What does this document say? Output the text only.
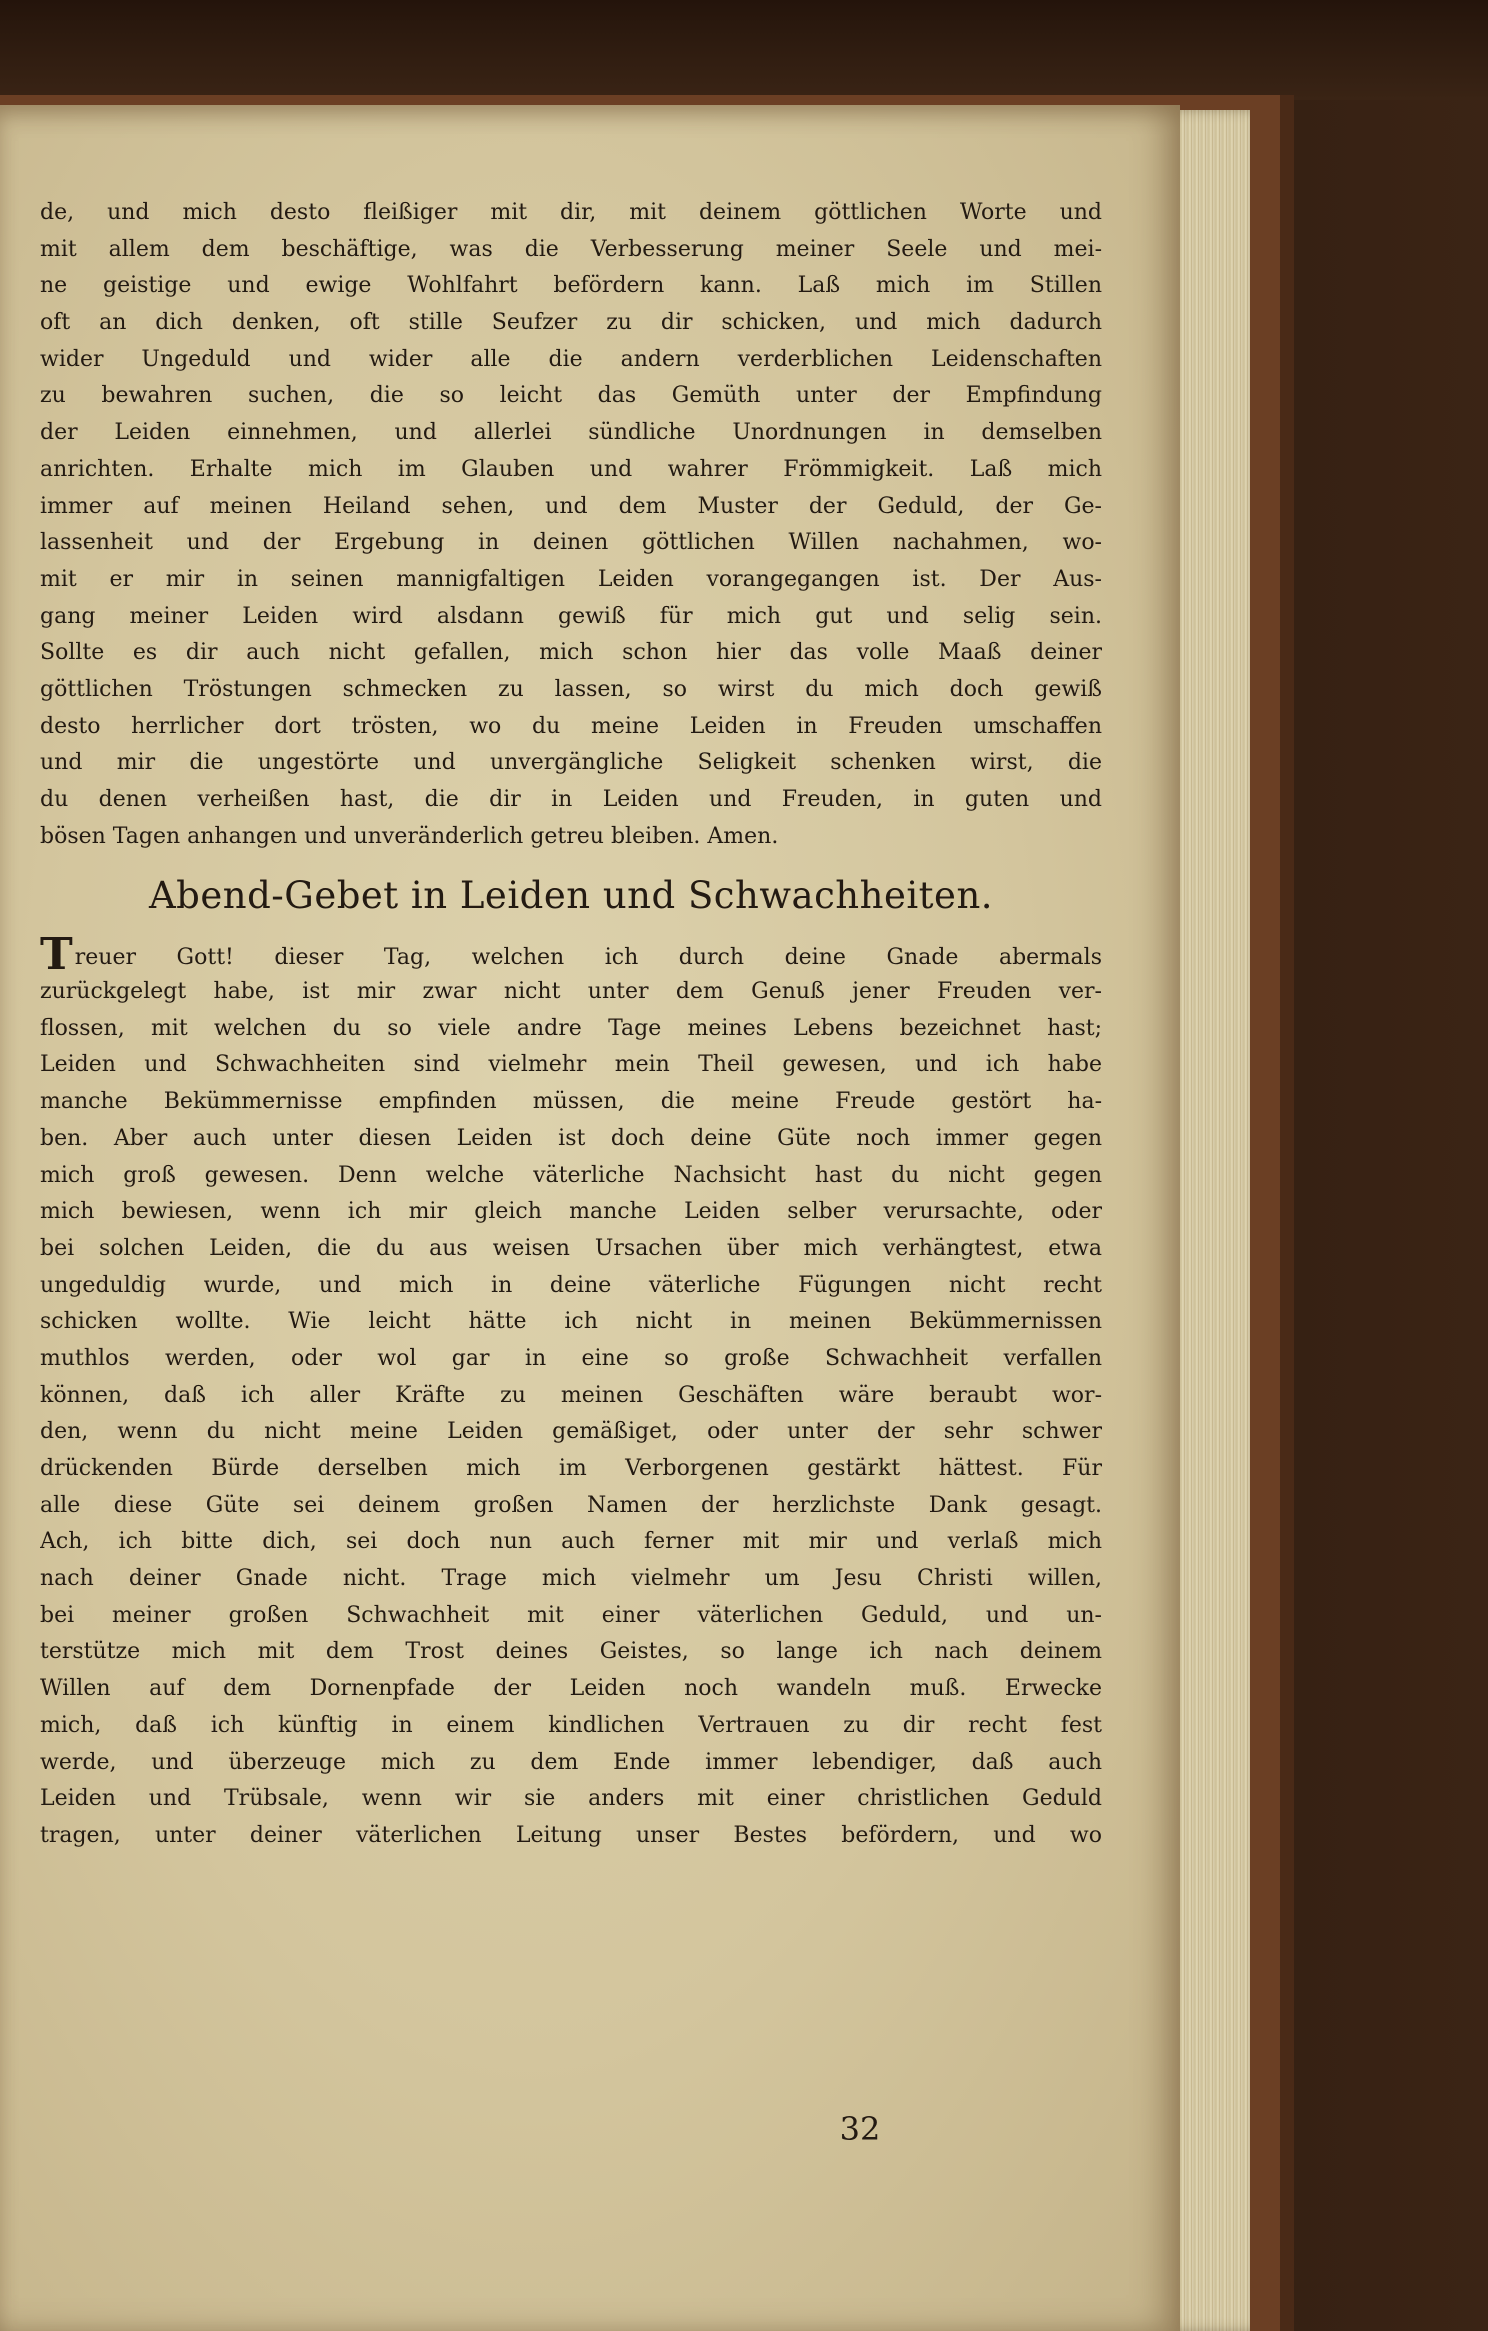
de, und mich desto fleißiger mit dir, mit deinem göttlichen Worte und
mit allem dem beschäftige, was die Verbesserung meiner Seele und mei-
ne geistige und ewige Wohlfahrt befördern kann. Laß mich im Stillen
oft an dich denken, oft stille Seufzer zu dir schicken, und mich dadurch
wider Ungeduld und wider alle die andern verderblichen Leidenschaften
zu bewahren suchen, die so leicht das Gemüth unter der Empfindung
der Leiden einnehmen, und allerlei sündliche Unordnungen in demselben
anrichten. Erhalte mich im Glauben und wahrer Frömmigkeit. Laß mich
immer auf meinen Heiland sehen, und dem Muster der Geduld, der Ge-
lassenheit und der Ergebung in deinen göttlichen Willen nachahmen, wo-
mit er mir in seinen mannigfaltigen Leiden vorangegangen ist. Der Aus-
gang meiner Leiden wird alsdann gewiß für mich gut und selig sein.
Sollte es dir auch nicht gefallen, mich schon hier das volle Maaß deiner
göttlichen Tröstungen schmecken zu lassen, so wirst du mich doch gewiß
desto herrlicher dort trösten, wo du meine Leiden in Freuden umschaffen
und mir die ungestörte und unvergängliche Seligkeit schenken wirst, die
du denen verheißen hast, die dir in Leiden und Freuden, in guten und
bösen Tagen anhangen und unveränderlich getreu bleiben. Amen.
Abend-Gebet in Leiden und Schwachheiten.
Treuer Gott! dieser Tag, welchen ich durch deine Gnade abermals
zurückgelegt habe, ist mir zwar nicht unter dem Genuß jener Freuden ver-
flossen, mit welchen du so viele andre Tage meines Lebens bezeichnet hast;
Leiden und Schwachheiten sind vielmehr mein Theil gewesen, und ich habe
manche Bekümmernisse empfinden müssen, die meine Freude gestört ha-
ben. Aber auch unter diesen Leiden ist doch deine Güte noch immer gegen
mich groß gewesen. Denn welche väterliche Nachsicht hast du nicht gegen
mich bewiesen, wenn ich mir gleich manche Leiden selber verursachte, oder
bei solchen Leiden, die du aus weisen Ursachen über mich verhängtest, etwa
ungeduldig wurde, und mich in deine väterliche Fügungen nicht recht
schicken wollte. Wie leicht hätte ich nicht in meinen Bekümmernissen
muthlos werden, oder wol gar in eine so große Schwachheit verfallen
können, daß ich aller Kräfte zu meinen Geschäften wäre beraubt wor-
den, wenn du nicht meine Leiden gemäßiget, oder unter der sehr schwer
drückenden Bürde derselben mich im Verborgenen gestärkt hättest. Für
alle diese Güte sei deinem großen Namen der herzlichste Dank gesagt.
Ach, ich bitte dich, sei doch nun auch ferner mit mir und verlaß mich
nach deiner Gnade nicht. Trage mich vielmehr um Jesu Christi willen,
bei meiner großen Schwachheit mit einer väterlichen Geduld, und un-
terstütze mich mit dem Trost deines Geistes, so lange ich nach deinem
Willen auf dem Dornenpfade der Leiden noch wandeln muß. Erwecke
mich, daß ich künftig in einem kindlichen Vertrauen zu dir recht fest
werde, und überzeuge mich zu dem Ende immer lebendiger, daß auch
Leiden und Trübsale, wenn wir sie anders mit einer christlichen Geduld
tragen, unter deiner väterlichen Leitung unser Bestes befördern, und wo
32
